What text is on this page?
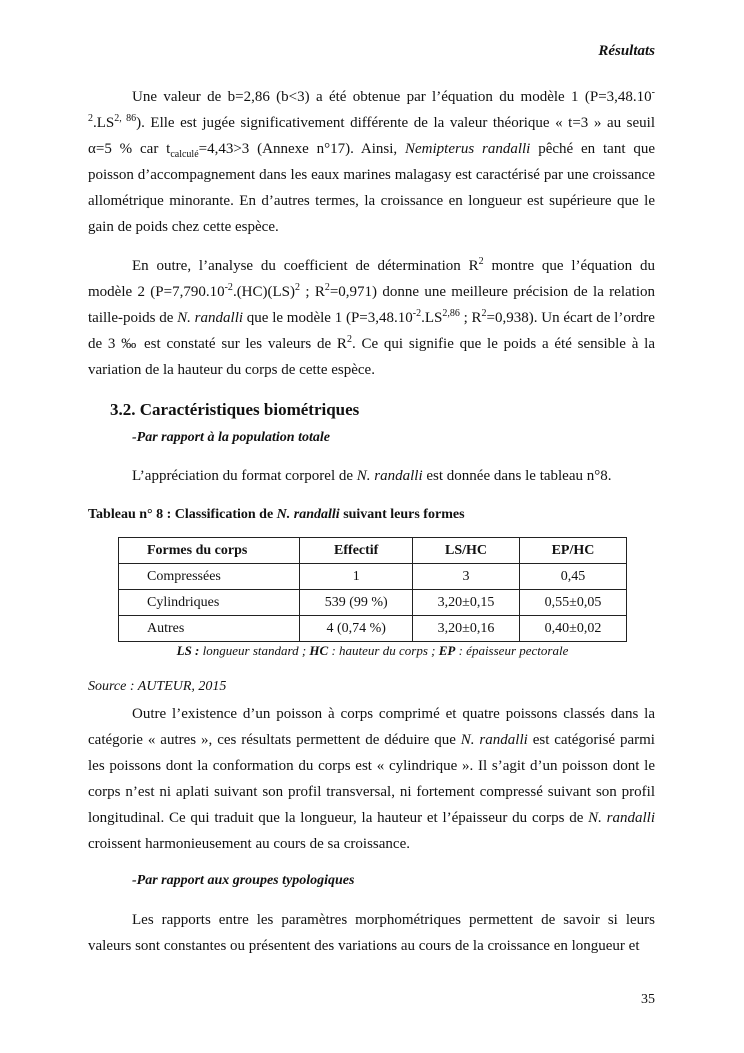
Résultats

Une valeur de b=2,86 (b<3) a été obtenue par l’équation du modèle 1 $(P=3,48.10^{-2}.LS^{2, 86})$. Elle est jugée significativement différente de la valeur théorique « t=3 » au seuil α=5 % car $t_{calculé}=4,43>3$ (Annexe n°17). Ainsi, Nemipterus randalli pêché en tant que poisson d’accompagnement dans les eaux marines malagasy est caractérisé par une croissance allométrique minorante. En d’autres termes, la croissance en longueur est supérieure que le gain de poids chez cette espèce.

En outre, l’analyse du coefficient de détermination $R^2$ montre que l’équation du modèle 2 ($P=7,790.10^{-2}.(HC)(LS)^2$ ; $R^2=0,971$) donne une meilleure précision de la relation taille-poids de N. randalli que le modèle 1 ($P=3,48.10^{-2}.LS^{2,86}$ ; $R^2=0,938$). Un écart de l’ordre de 3 ‰ est constaté sur les valeurs de $R^2$. Ce qui signifie que le poids a été sensible à la variation de la hauteur du corps de cette espèce.

3.2. Caractéristiques biométriques
-Par rapport à la population totale

L’appréciation du format corporel de N. randalli est donnée dans le tableau n°8.

Tableau n° 8 : Classification de N. randalli suivant leurs formes
Formes du corps	Effectif	LS/HC	EP/HC
Compressées	1	3	0,45
Cylindriques	539 (99 %)	3,20±0,15	0,55±0,05
Autres	4 (0,74 %)	3,20±0,16	0,40±0,02
LS : longueur standard ; HC : hauteur du corps ; EP : épaisseur pectorale
Source : AUTEUR, 2015

Outre l’existence d’un poisson à corps comprimé et quatre poissons classés dans la catégorie « autres », ces résultats permettent de déduire que N. randalli est catégorisé parmi les poissons dont la conformation du corps est « cylindrique ». Il s’agit d’un poisson dont le corps n’est ni aplati suivant son profil transversal, ni fortement compressé suivant son profil longitudinal. Ce qui traduit que la longueur, la hauteur et l’épaisseur du corps de N. randalli croissent harmonieusement au cours de sa croissance.

-Par rapport aux groupes typologiques

Les rapports entre les paramètres morphométriques permettent de savoir si leurs valeurs sont constantes ou présentent des variations au cours de la croissance en longueur et

35
